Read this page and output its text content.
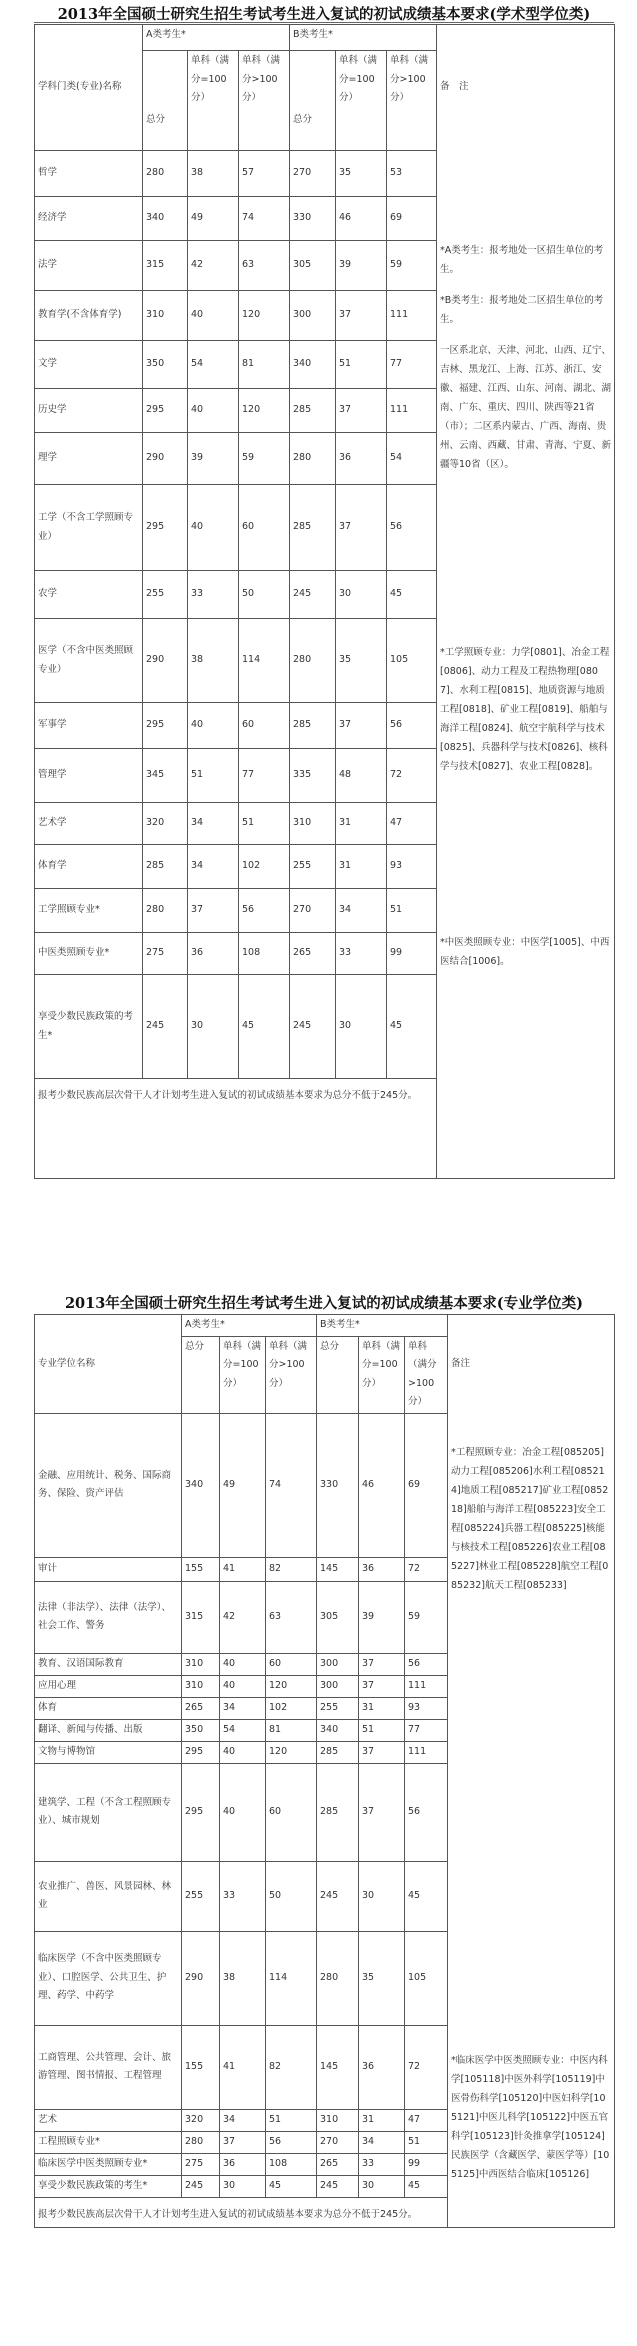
2013年全国硕士研究生招生考试考生进入复试的初试成绩基本要求(学术型学位类)
学科门类(专业)名称	A类考生*			B类考生*			备　注
	总分	单科（满分=100分）	单科（满分>100分）	总分	单科（满分=100分）	单科（满分>100分）	
哲学	280	38	57	270	35	53	
经济学	340	49	74	330	46	69	
法学	315	42	63	305	39	59	*A类考生：报考地处一区招生单位的考生。
教育学(不含体育学)	310	40	120	300	37	111	*B类考生：报考地处二区招生单位的考生。
文学	350	54	81	340	51	77	一区系北京、天津、河北、山西、辽宁、吉林、黑龙江、上海、江苏、浙江、安徽、福建、江西、山东、河南、湖北、湖南、广东、重庆、四川、陕西等21省（市）；二区系内蒙古、广西、海南、贵州、云南、西藏、甘肃、青海、宁夏、新疆等10省（区）。
历史学	295	40	120	285	37	111	
理学	290	39	59	280	36	54	
工学（不含工学照顾专业）	295	40	60	285	37	56	
农学	255	33	50	245	30	45	
医学（不含中医类照顾专业）	290	38	114	280	35	105	*工学照顾专业：力学[0801]、冶金工程[0806]、动力工程及工程热物理[0807]、水利工程[0815]、地质资源与地质工程[0818]、矿业工程[0819]、船舶与海洋工程[0824]、航空宇航科学与技术[0825]、兵器科学与技术[0826]、核科学与技术[0827]、农业工程[0828]。
军事学	295	40	60	285	37	56	
管理学	345	51	77	335	48	72	
艺术学	320	34	51	310	31	47	
体育学	285	34	102	255	31	93	
工学照顾专业*	280	37	56	270	34	51	
中医类照顾专业*	275	36	108	265	33	99	*中医类照顾专业：中医学[1005]、中西医结合[1006]。
享受少数民族政策的考生*	245	30	45	245	30	45	
报考少数民族高层次骨干人才计划考生进入复试的初试成绩基本要求为总分不低于245分。							
2013年全国硕士研究生招生考试考生进入复试的初试成绩基本要求(专业学位类)
专业学位名称	A类考生*			B类考生*			备注
	总分	单科（满分=100分）	单科（满分>100分）	总分	单科（满分=100分）	单科（满分>100分）	
金融、应用统计、税务、国际商务、保险、资产评估	340	49	74	330	46	69	*工程照顾专业：冶金工程[085205]动力工程[085206]水利工程[085214]地质工程[085217]矿业工程[085218]船舶与海洋工程[085223]安全工程[085224]兵器工程[085225]核能与核技术工程[085226]农业工程[085227]林业工程[085228]航空工程[085232]航天工程[085233]
审计	155	41	82	145	36	72	
法律（非法学）、法律（法学）、社会工作、警务	315	42	63	305	39	59	
教育、汉语国际教育	310	40	60	300	37	56	
应用心理	310	40	120	300	37	111	
体育	265	34	102	255	31	93	
翻译、新闻与传播、出版	350	54	81	340	51	77	
文物与博物馆	295	40	120	285	37	111	
建筑学、工程（不含工程照顾专业）、城市规划	295	40	60	285	37	56	
农业推广、兽医、风景园林、林业	255	33	50	245	30	45	
临床医学（不含中医类照顾专业）、口腔医学、公共卫生、护理、药学、中药学	290	38	114	280	35	105	*临床医学中医类照顾专业：中医内科学[105118]中医外科学[105119]中医骨伤科学[105120]中医妇科学[105121]中医儿科学[105122]中医五官科学[105123]针灸推拿学[105124]民族医学（含藏医学、蒙医学等）[105125]中西医结合临床[105126]
工商管理、公共管理、会计、旅游管理、图书情报、工程管理	155	41	82	145	36	72	
艺术	320	34	51	310	31	47	
工程照顾专业*	280	37	56	270	34	51	
临床医学中医类照顾专业*	275	36	108	265	33	99	
享受少数民族政策的考生*	245	30	45	245	30	45	
报考少数民族高层次骨干人才计划考生进入复试的初试成绩基本要求为总分不低于245分。							
